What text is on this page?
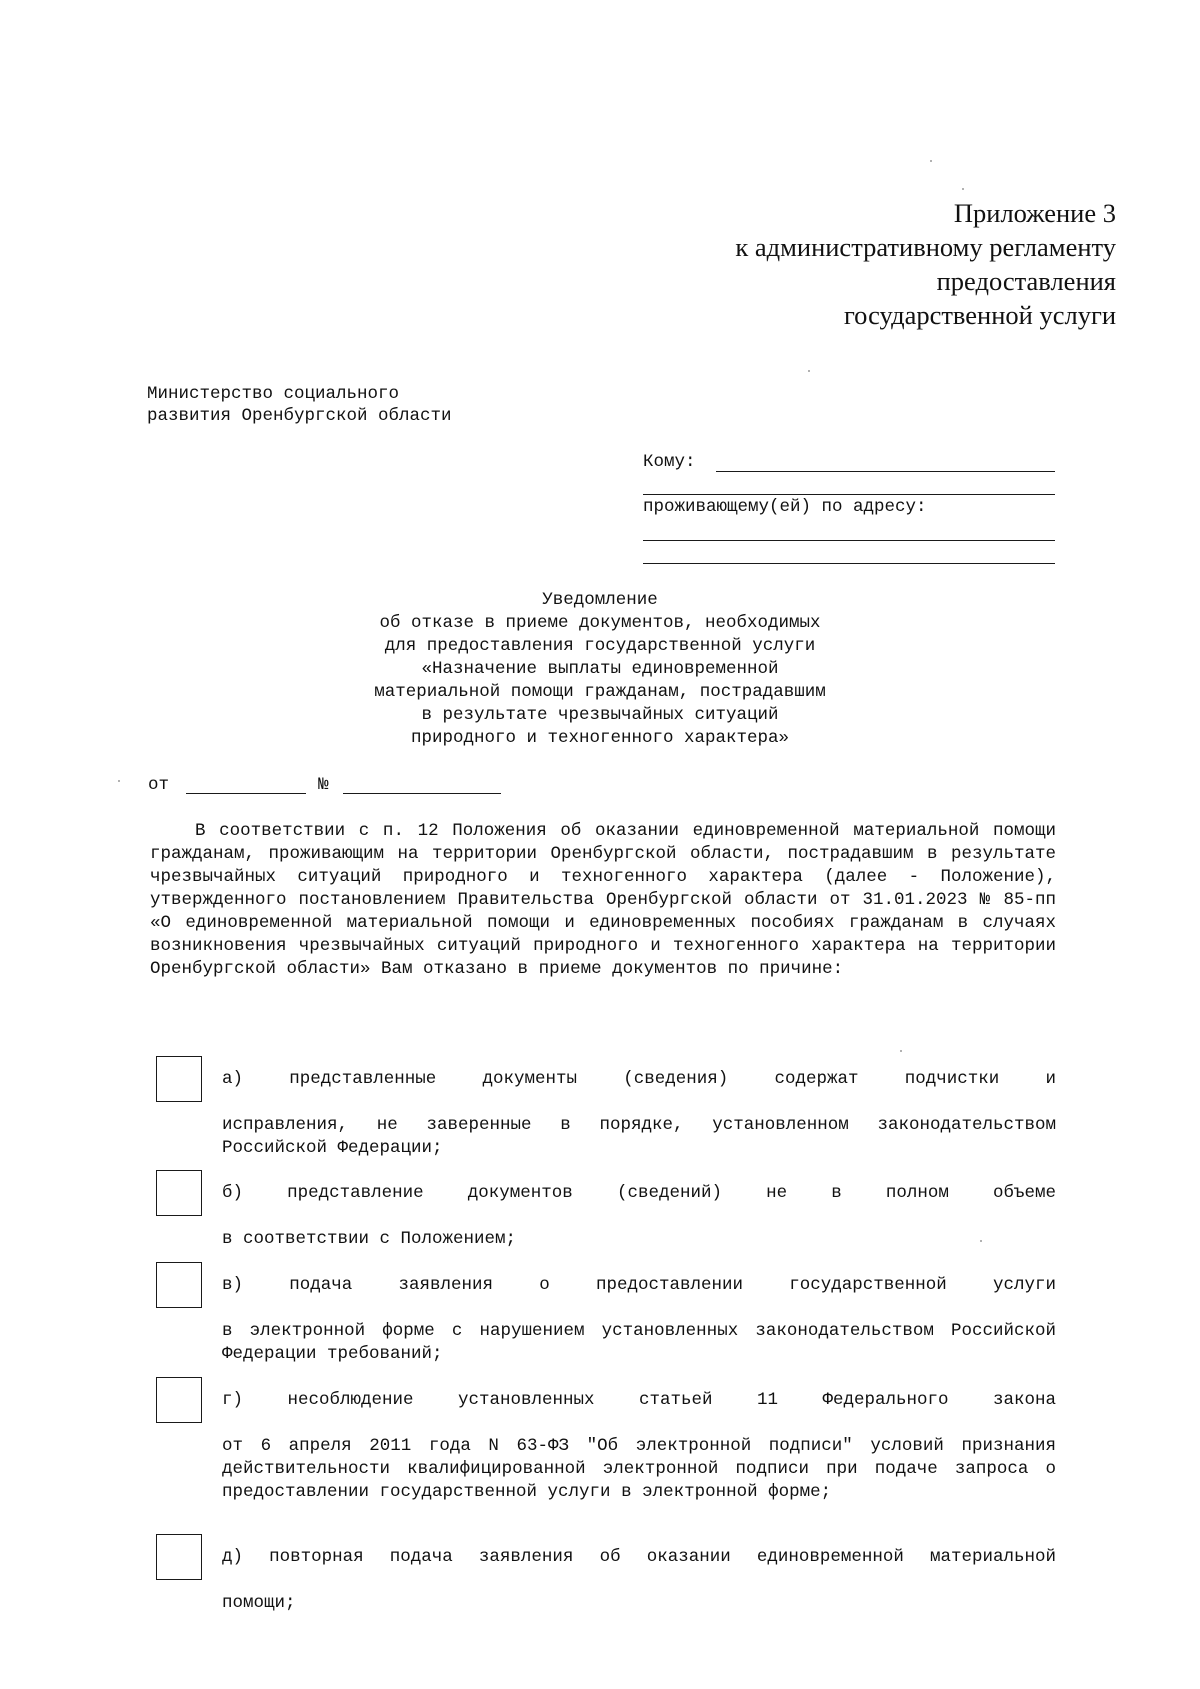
Приложение 3
к административному регламенту
предоставления
государственной услуги
Министерство социального
развития Оренбургской области
Кому:
проживающему(ей) по адресу:
Уведомление
об отказе в приеме документов, необходимых
для предоставления государственной услуги
«Назначение выплаты единовременной
материальной помощи гражданам, пострадавшим
в результате чрезвычайных ситуаций
природного и техногенного характера»
от	№
В соответствии с п. 12 Положения об оказании единовременной материальной помощи гражданам, проживающим на территории Оренбургской области, пострадавшим в результате чрезвычайных ситуаций природного и техногенного характера (далее - Положение), утвержденного постановлением Правительства Оренбургской области от 31.01.2023 № 85-пп «О единовременной материальной помощи и единовременных пособиях гражданам в случаях возникновения чрезвычайных ситуаций природного и техногенного характера на территории Оренбургской области» Вам отказано в приеме документов по причине:
а)	представленные	документы	(сведения)	содержат	подчистки	и
исправления, не заверенные в порядке, установленном законодательством Российской Федерации;
б)	представление	документов	(сведений)	не	в	полном	объеме
в соответствии с Положением;
в)	подача	заявления	о	предоставлении	государственной	услуги
в электронной форме с нарушением установленных законодательством Российской Федерации требований;
г)	несоблюдение	установленных	статьей	11	Федерального	закона
от 6 апреля 2011 года N 63-ФЗ "Об электронной подписи" условий признания действительности квалифицированной электронной подписи при подаче запроса о предоставлении государственной услуги в электронной форме;
д) повторная подача заявления об оказании единовременной материальной
помощи;
